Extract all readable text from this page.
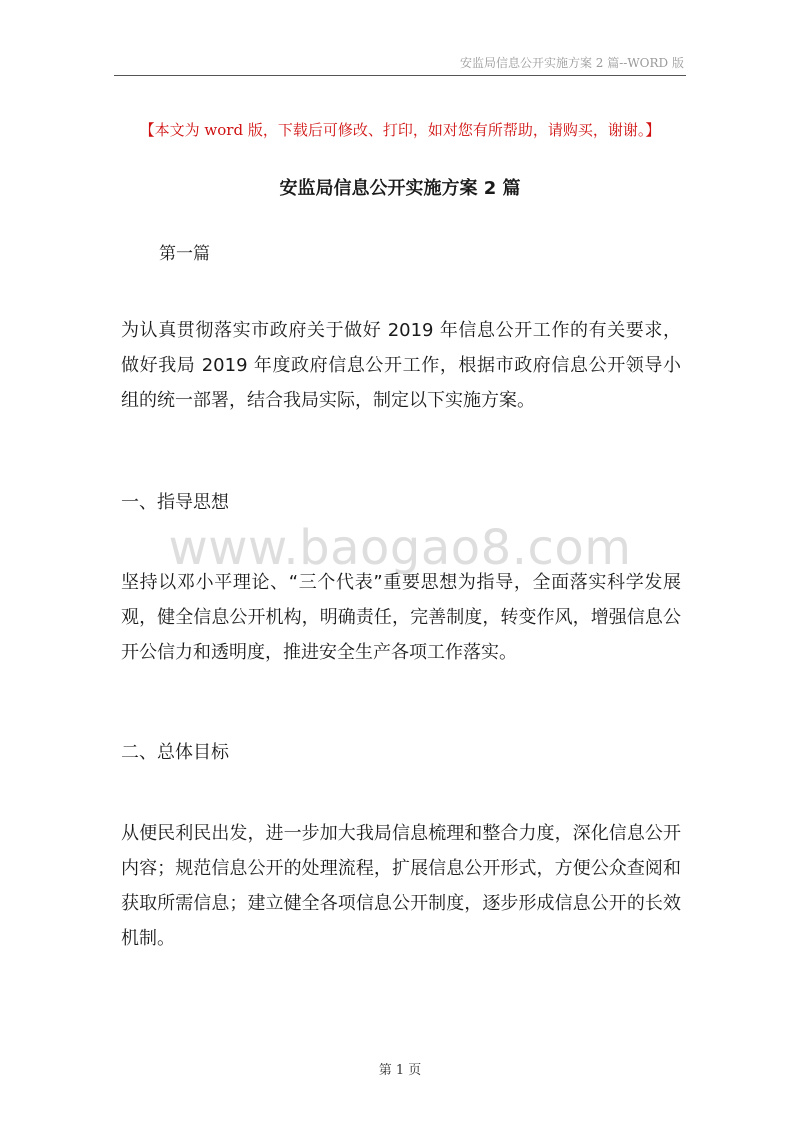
安监局信息公开实施方案 2 篇--WORD 版
【本文为 word 版，下载后可修改、打印，如对您有所帮助，请购买，谢谢。】
安监局信息公开实施方案 2 篇
第一篇
为认真贯彻落实市政府关于做好 2019 年信息公开工作的有关要求，做好我局 2019 年度政府信息公开工作，根据市政府信息公开领导小组的统一部署，结合我局实际，制定以下实施方案。
一、指导思想
www.baogao8.com
坚持以邓小平理论、“三个代表”重要思想为指导，全面落实科学发展观，健全信息公开机构，明确责任，完善制度，转变作风，增强信息公开公信力和透明度，推进安全生产各项工作落实。
二、总体目标
从便民利民出发，进一步加大我局信息梳理和整合力度，深化信息公开内容；规范信息公开的处理流程，扩展信息公开形式，方便公众查阅和获取所需信息；建立健全各项信息公开制度，逐步形成信息公开的长效机制。
第 1 页
